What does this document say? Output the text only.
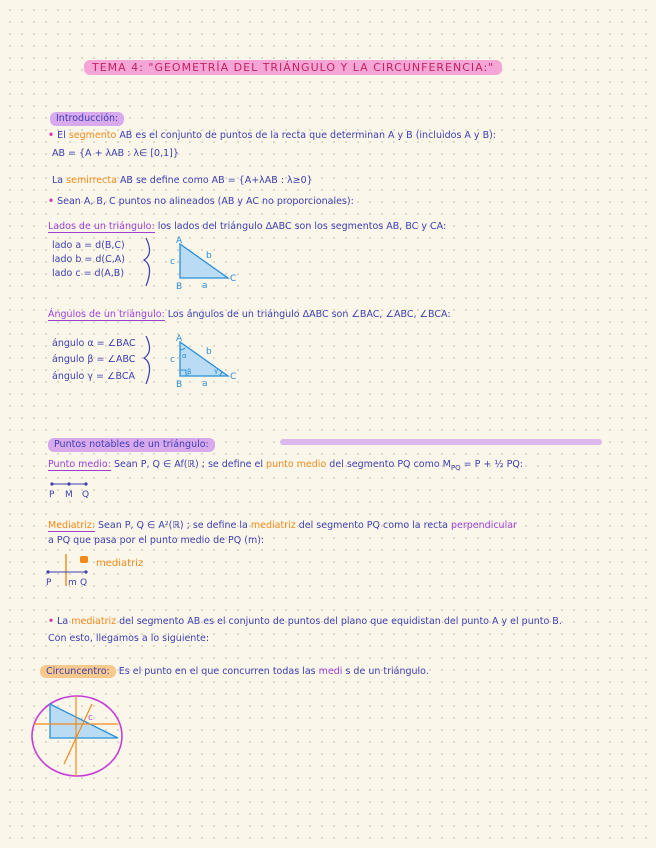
TEMA 4: "GEOMETRÍA DEL TRIÁNGULO Y LA CIRCUNFERENCIA:"
Introducción:
• El segmento AB es el conjunto de puntos de la recta que determinan A y B (incluidos A y B):
AB = {A + λAB : λ∈ [0,1]}
La semirrecta AB se define como AB = {A+λAB : λ≥0}
• Sean A, B, C puntos no alineados (AB y AC no proporcionales):
Lados de un triángulo: los lados del triángulo ΔABC son los segmentos AB, BC y CA:
lado a = d(B,C)
lado b = d(C,A)
lado c = d(A,B)
A
B
C
a
b
c
Ángulos de un triángulo: Los ángulos de un triángulo ΔABC son ∠BAC, ∠ABC, ∠BCA:
ángulo α = ∠BAC
ángulo β = ∠ABC
ángulo γ = ∠BCA
A
B
C
a
b
c α
β	γ
Puntos notables de un triángulo:
Punto medio: Sean P, Q ∈ Af(ℝ) ; se define el punto medio del segmento PQ como $M_{PQ} = P$ + ½ PQ:
P M Q
Mediatriz: Sean P, Q ∈ A²(ℝ) ; se define la mediatriz del segmento PQ como la recta perpendicular
a PQ que pasa por el punto medio de PQ (m):
mediatriz
P m Q
• La mediatriz del segmento AB es el conjunto de puntos del plano que equidistan del punto A y el punto B.
Con esto, llegamos a lo siguiente:
Circuncentro: Es el punto en el que concurren todas las medi s de un triángulo.
c
